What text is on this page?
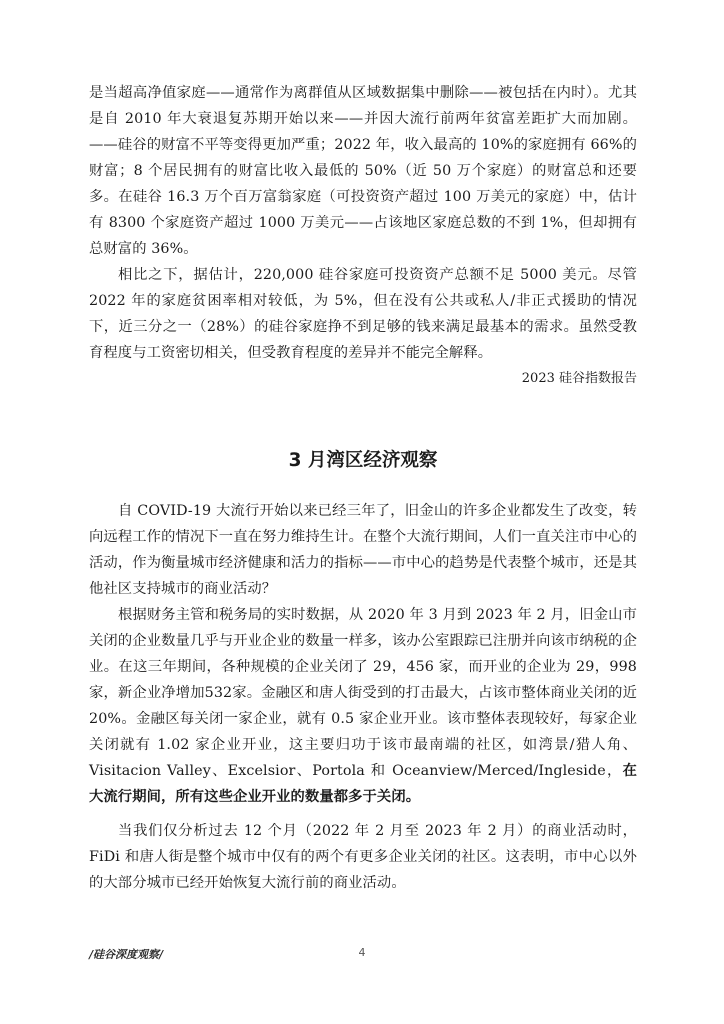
是当超高净值家庭——通常作为离群值从区域数据集中删除——被包括在内时）。尤其是自 2010 年大衰退复苏期开始以来——并因大流行前两年贫富差距扩大而加剧。——硅谷的财富不平等变得更加严重；2022 年，收入最高的 10%的家庭拥有 66%的财富；8 个居民拥有的财富比收入最低的 50%（近 50 万个家庭）的财富总和还要多。在硅谷 16.3 万个百万富翁家庭（可投资资产超过 100 万美元的家庭）中，估计有 8300 个家庭资产超过 1000 万美元——占该地区家庭总数的不到 1%，但却拥有总财富的 36%。

相比之下，据估计，220,000 硅谷家庭可投资资产总额不足 5000 美元。尽管 2022 年的家庭贫困率相对较低，为 5%，但在没有公共或私人/非正式援助的情况下，近三分之一（28%）的硅谷家庭挣不到足够的钱来满足最基本的需求。虽然受教育程度与工资密切相关，但受教育程度的差异并不能完全解释。

2023 硅谷指数报告

3 月湾区经济观察

自 COVID-19 大流行开始以来已经三年了，旧金山的许多企业都发生了改变，转向远程工作的情况下一直在努力维持生计。在整个大流行期间，人们一直关注市中心的活动，作为衡量城市经济健康和活力的指标——市中心的趋势是代表整个城市，还是其他社区支持城市的商业活动？

根据财务主管和税务局的实时数据，从 2020 年 3 月到 2023 年 2 月，旧金山市关闭的企业数量几乎与开业企业的数量一样多，该办公室跟踪已注册并向该市纳税的企业。在这三年期间，各种规模的企业关闭了 29，456 家，而开业的企业为 29，998 家，新企业净增加532家。金融区和唐人街受到的打击最大，占该市整体商业关闭的近20%。金融区每关闭一家企业，就有 0.5 家企业开业。该市整体表现较好，每家企业关闭就有 1.02 家企业开业，这主要归功于该市最南端的社区，如湾景/猎人角、Visitacion Valley、Excelsior、Portola 和 Oceanview/Merced/Ingleside，在大流行期间，所有这些企业开业的数量都多于关闭。

当我们仅分析过去 12 个月（2022 年 2 月至 2023 年 2 月）的商业活动时，FiDi 和唐人街是整个城市中仅有的两个有更多企业关闭的社区。这表明，市中心以外的大部分城市已经开始恢复大流行前的商业活动。

/硅谷深度观察/	4
